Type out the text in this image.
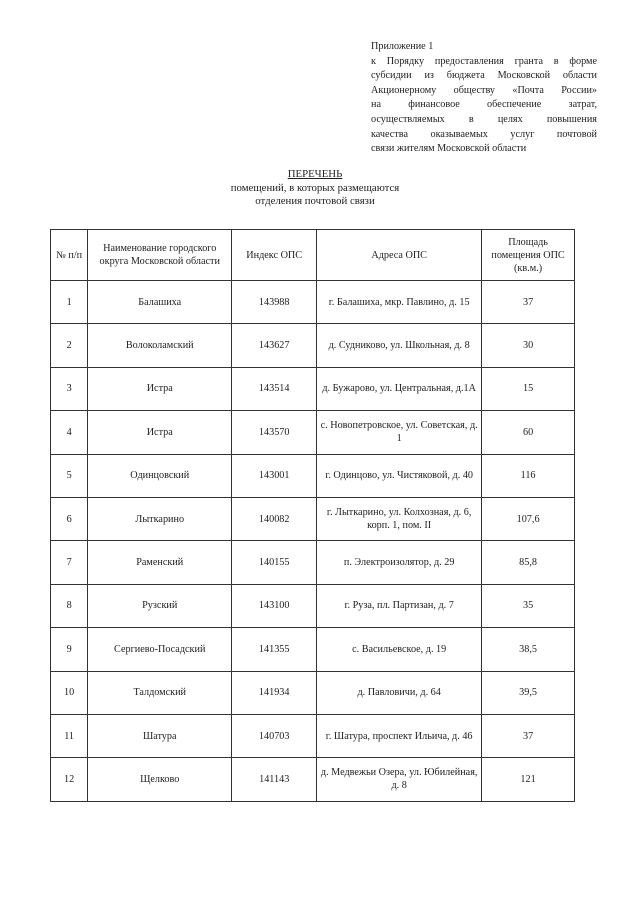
Приложение 1
к Порядку предоставления гранта в форме
субсидии из бюджета Московской области
Акционерному обществу «Почта России»
на финансовое обеспечение затрат,
осуществляемых в целях повышения
качества оказываемых услуг почтовой
связи жителям Московской области
ПЕРЕЧЕНЬ
помещений, в которых размещаются
отделения почтовой связи
№ п/п	Наименование городского округа Московской области	Индекс ОПС	Адреса ОПС	Площадь помещения ОПС (кв.м.)
1	Балашиха	143988	г. Балашиха, мкр. Павлино, д. 15	37
2	Волоколамский	143627	д. Судниково, ул. Школьная, д. 8	30
3	Истра	143514	д. Бужарово, ул. Центральная, д.1А	15
4	Истра	143570	с. Новопетровское, ул. Советская, д. 1	60
5	Одинцовский	143001	г. Одинцово, ул. Чистяковой, д. 40	116
6	Лыткарино	140082	г. Лыткарино, ул. Колхозная, д. 6, корп. 1, пом. II	107,6
7	Раменский	140155	п. Электроизолятор, д. 29	85,8
8	Рузский	143100	г. Руза, пл. Партизан, д. 7	35
9	Сергиево-Посадский	141355	с. Васильевское, д. 19	38,5
10	Талдомский	141934	д. Павловичи, д. 64	39,5
11	Шатура	140703	г. Шатура, проспект Ильича, д. 46	37
12	Щелково	141143	д. Медвежьи Озера, ул. Юбилейная, д. 8	121
